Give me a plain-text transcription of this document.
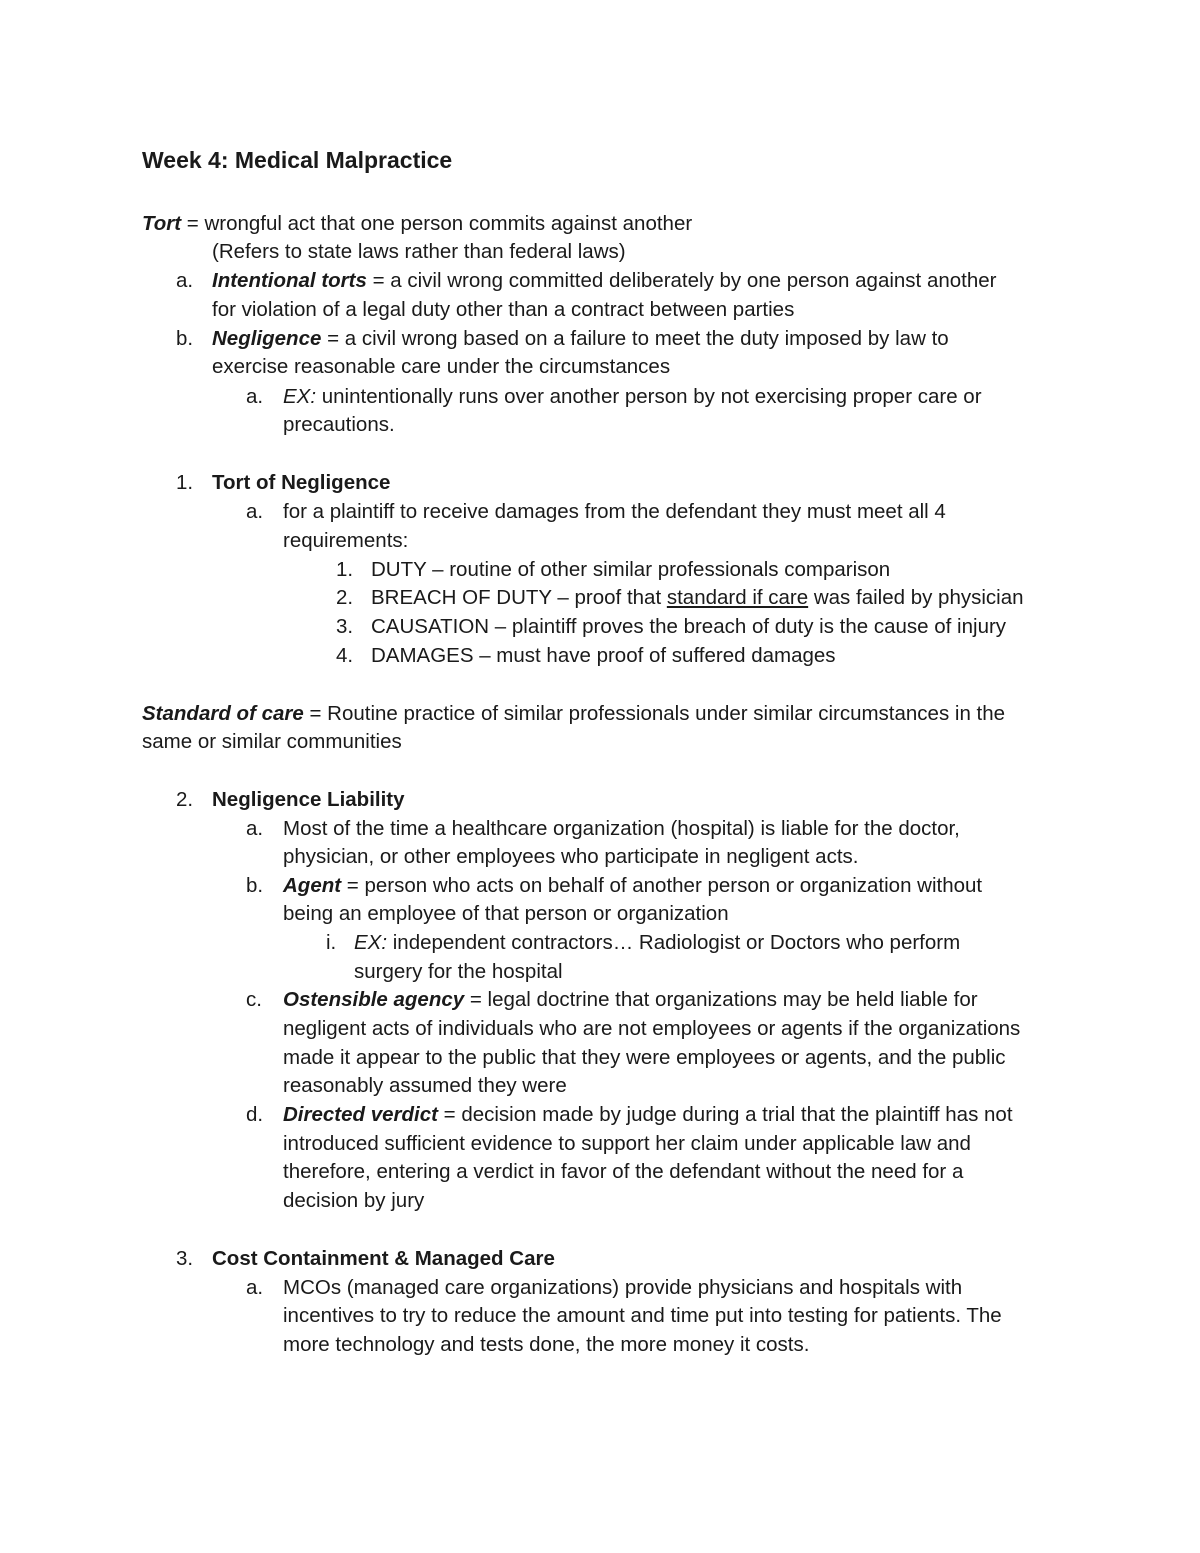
Week 4: Medical Malpractice
Tort = wrongful act that one person commits against another
(Refers to state laws rather than federal laws)
a. Intentional torts = a civil wrong committed deliberately by one person against another
for violation of a legal duty other than a contract between parties
b. Negligence = a civil wrong based on a failure to meet the duty imposed by law to
exercise reasonable care under the circumstances
a. EX: unintentionally runs over another person by not exercising proper care or
precautions.
1. Tort of Negligence
a. for a plaintiff to receive damages from the defendant they must meet all 4
requirements:
1. DUTY – routine of other similar professionals comparison
2. BREACH OF DUTY – proof that standard if care was failed by physician
3. CAUSATION – plaintiff proves the breach of duty is the cause of injury
4. DAMAGES – must have proof of suffered damages
Standard of care = Routine practice of similar professionals under similar circumstances in the
same or similar communities
2. Negligence Liability
a. Most of the time a healthcare organization (hospital) is liable for the doctor,
physician, or other employees who participate in negligent acts.
b. Agent = person who acts on behalf of another person or organization without
being an employee of that person or organization
i. EX: independent contractors… Radiologist or Doctors who perform
surgery for the hospital
c. Ostensible agency = legal doctrine that organizations may be held liable for
negligent acts of individuals who are not employees or agents if the organizations
made it appear to the public that they were employees or agents, and the public
reasonably assumed they were
d. Directed verdict = decision made by judge during a trial that the plaintiff has not
introduced sufficient evidence to support her claim under applicable law and
therefore, entering a verdict in favor of the defendant without the need for a
decision by jury
3. Cost Containment & Managed Care
a. MCOs (managed care organizations) provide physicians and hospitals with
incentives to try to reduce the amount and time put into testing for patients. The
more technology and tests done, the more money it costs.
